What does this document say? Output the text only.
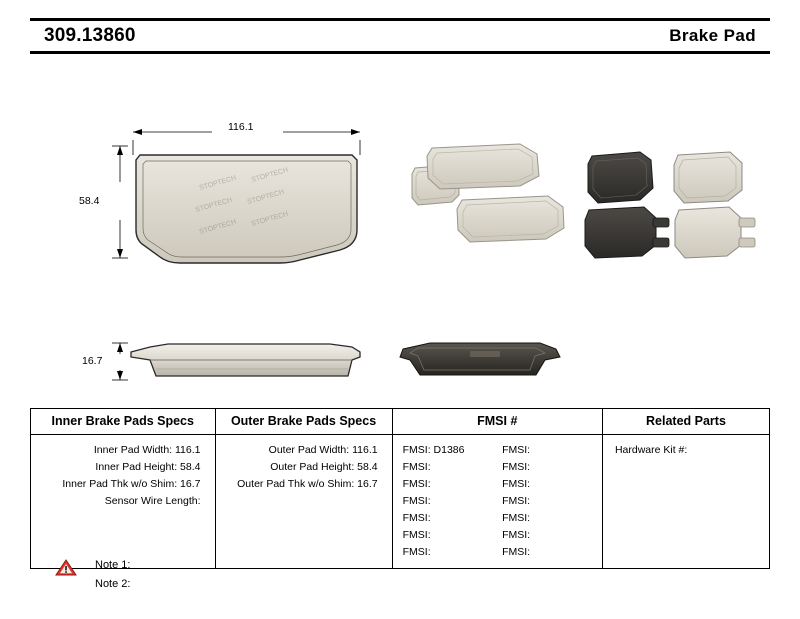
309.13860	Brake Pad
STOPTECH STOPTECH
STOPTECH STOPTECH
STOPTECH STOPTECH
116.1
58.4
16.7
Inner Brake Pads Specs	Outer Brake Pads Specs	FMSI #	Related Parts
Inner Pad Width: 116.1
Inner Pad Height: 58.4
Inner Pad Thk w/o Shim: 16.7
Sensor Wire Length:
Outer Pad Width: 116.1
Outer Pad Height: 58.4
Outer Pad Thk w/o Shim: 16.7
FMSI: D1386	FMSI:
FMSI:	FMSI:
FMSI:	FMSI:
FMSI:	FMSI:
FMSI:	FMSI:
FMSI:	FMSI:
FMSI:	FMSI:
Hardware Kit #:
Note 1:
Note 2:
